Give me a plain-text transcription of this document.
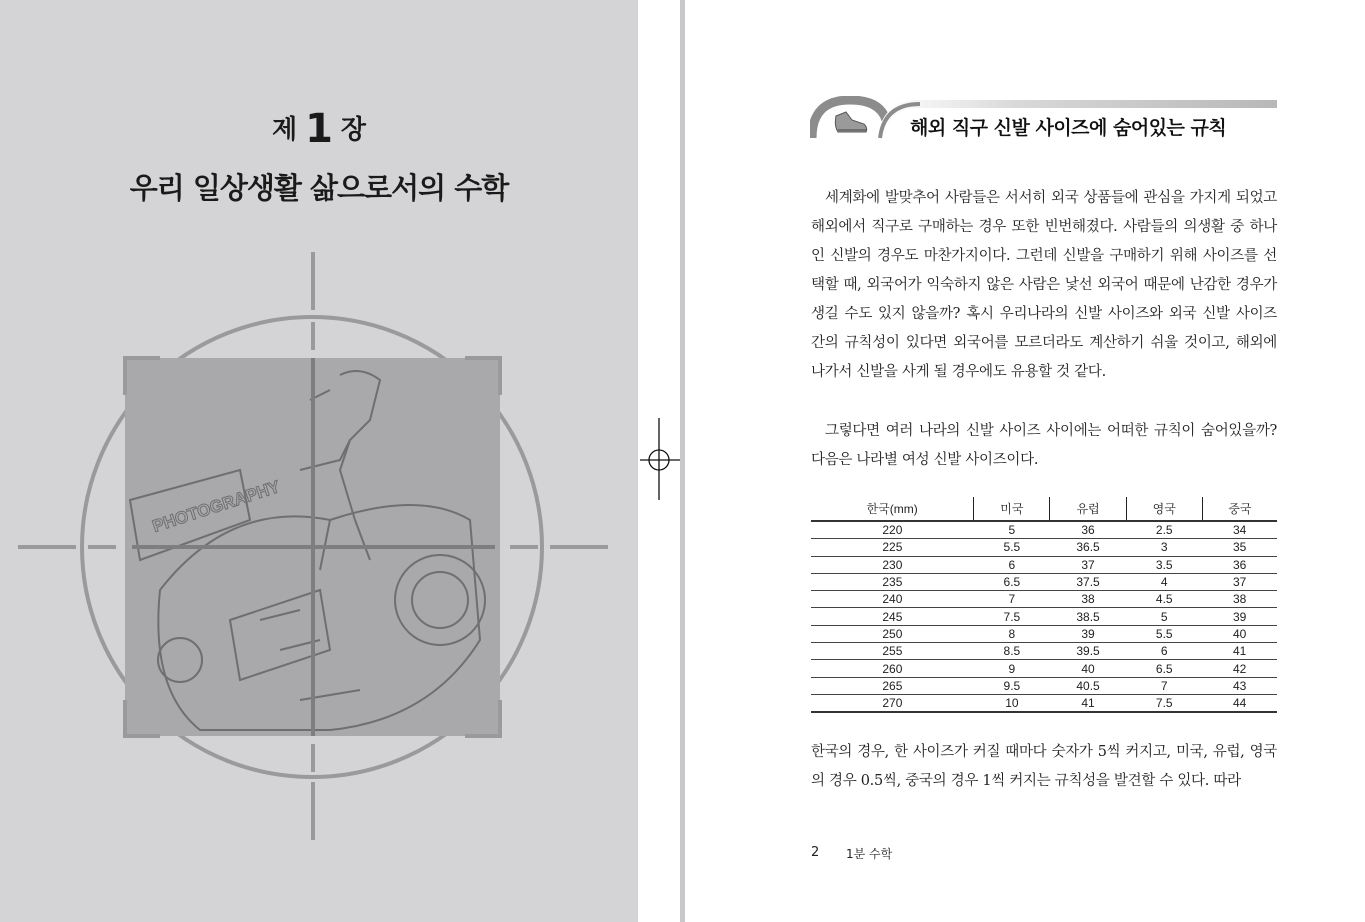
제 1 장
우리 일상생활 삶으로서의 수학
PHOTOGRAPHY
해외 직구 신발 사이즈에 숨어있는 규칙
세계화에 발맞추어 사람들은 서서히 외국 상품들에 관심을 가지게 되었고 해외에서 직구로 구매하는 경우 또한 빈번해졌다. 사람들의 의생활 중 하나인 신발의 경우도 마찬가지이다. 그런데 신발을 구매하기 위해 사이즈를 선택할 때, 외국어가 익숙하지 않은 사람은 낯선 외국어 때문에 난감한 경우가 생길 수도 있지 않을까? 혹시 우리나라의 신발 사이즈와 외국 신발 사이즈 간의 규칙성이 있다면 외국어를 모르더라도 계산하기 쉬울 것이고, 해외에 나가서 신발을 사게 될 경우에도 유용할 것 같다.
그렇다면 여러 나라의 신발 사이즈 사이에는 어떠한 규칙이 숨어있을까? 다음은 나라별 여성 신발 사이즈이다.
한국(mm)	미국	유럽	영국	중국
220	5	36	2.5	34
225	5.5	36.5	3	35
230	6	37	3.5	36
235	6.5	37.5	4	37
240	7	38	4.5	38
245	7.5	38.5	5	39
250	8	39	5.5	40
255	8.5	39.5	6	41
260	9	40	6.5	42
265	9.5	40.5	7	43
270	10	41	7.5	44
한국의 경우, 한 사이즈가 커질 때마다 숫자가 5씩 커지고, 미국, 유럽, 영국의 경우 0.5씩, 중국의 경우 1씩 커지는 규칙성을 발견할 수 있다. 따라
2 1분 수학
